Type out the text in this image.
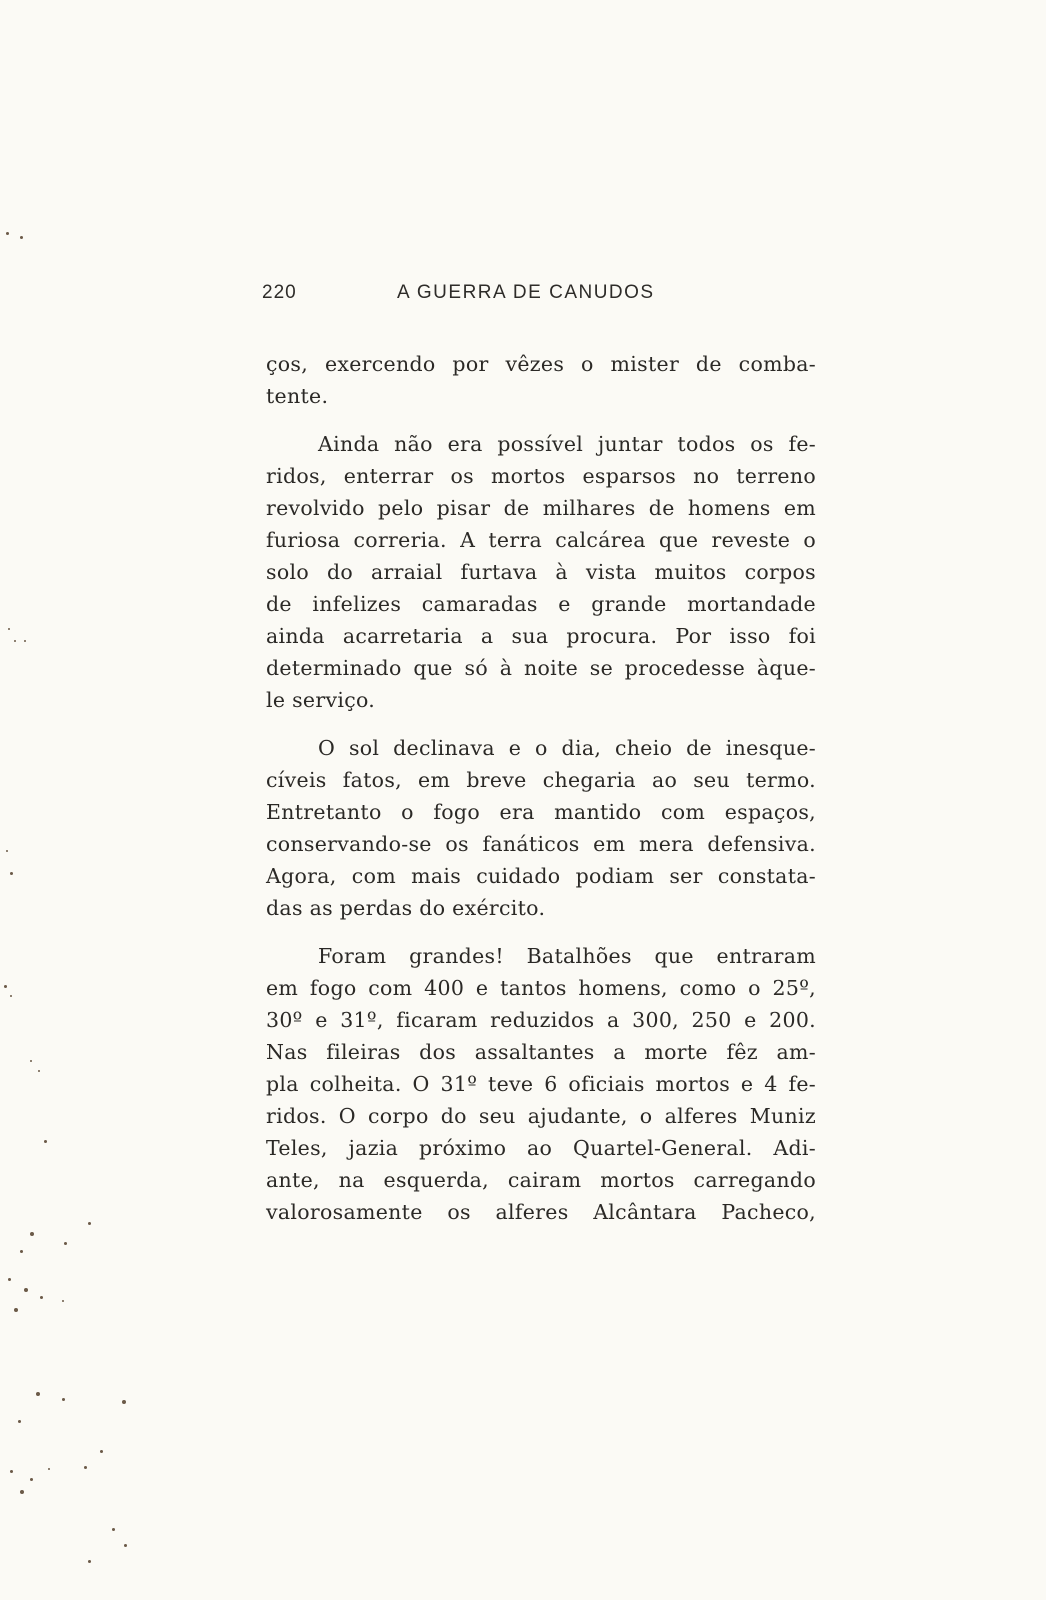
220	A GUERRA DE CANUDOS
ços, exercendo por vêzes o mister de comba-
tente.
Ainda não era possível juntar todos os fe-
ridos, enterrar os mortos esparsos no terreno
revolvido pelo pisar de milhares de homens em
furiosa correria. A terra calcárea que reveste o
solo do arraial furtava à vista muitos corpos
de infelizes camaradas e grande mortandade
ainda acarretaria a sua procura. Por isso foi
determinado que só à noite se procedesse àque-
le serviço.
O sol declinava e o dia, cheio de inesque-
cíveis fatos, em breve chegaria ao seu termo.
Entretanto o fogo era mantido com espaços,
conservando-se os fanáticos em mera defensiva.
Agora, com mais cuidado podiam ser constata-
das as perdas do exército.
Foram grandes! Batalhões que entraram
em fogo com 400 e tantos homens, como o 25º,
30º e 31º, ficaram reduzidos a 300, 250 e 200.
Nas fileiras dos assaltantes a morte fêz am-
pla colheita. O 31º teve 6 oficiais mortos e 4 fe-
ridos. O corpo do seu ajudante, o alferes Muniz
Teles, jazia próximo ao Quartel-General. Adi-
ante, na esquerda, cairam mortos carregando
valorosamente os alferes Alcântara Pacheco,
